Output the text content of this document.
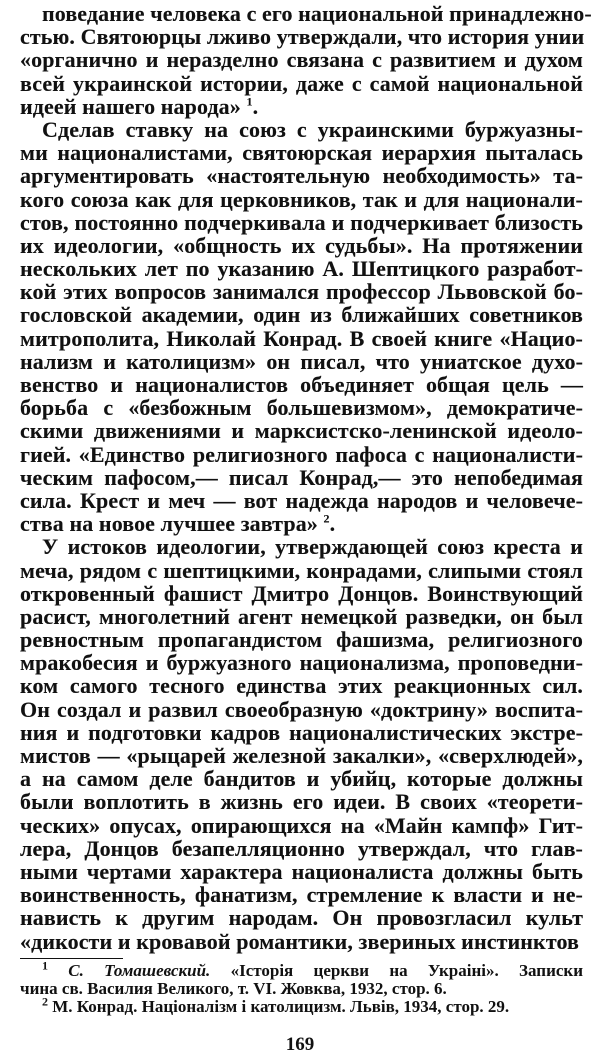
поведание человека с его национальной принадлежно-
стью. Святоюрцы лживо утверждали, что история унии
«органично и неразделно связана с развитием и духом
всей украинской истории, даже с самой национальной
идеей нашего народа» $^1$.
Сделав ставку на союз с украинскими буржуазны-
ми националистами, святоюрская иерархия пыталась
аргументировать «настоятельную необходимость» та-
кого союза как для церковников, так и для национали-
стов, постоянно подчеркивала и подчеркивает близость
их идеологии, «общность их судьбы». На протяжении
нескольких лет по указанию А. Шептицкого разработ-
кой этих вопросов занимался профессор Львовской бо-
гословской академии, один из ближайших советников
митрополита, Николай Конрад. В своей книге «Нацио-
нализм и католицизм» он писал, что униатское духо-
венство и националистов объединяет общая цель —
борьба с «безбожным большевизмом», демократиче-
скими движениями и марксистско-ленинской идеоло-
гией. «Единство религиозного пафоса с националисти-
ческим пафосом,— писал Конрад,— это непобедимая
сила. Крест и меч — вот надежда народов и человече-
ства на новое лучшее завтра» $^2$.
У истоков идеологии, утверждающей союз креста и
меча, рядом с шептицкими, конрадами, слипыми стоял
откровенный фашист Дмитро Донцов. Воинствующий
расист, многолетний агент немецкой разведки, он был
ревностным пропагандистом фашизма, религиозного
мракобесия и буржуазного национализма, проповедни-
ком самого тесного единства этих реакционных сил.
Он создал и развил своеобразную «доктрину» воспита-
ния и подготовки кадров националистических экстре-
мистов — «рыцарей железной закалки», «сверхлюдей»,
а на самом деле бандитов и убийц, которые должны
были воплотить в жизнь его идеи. В своих «теорети-
ческих» опусах, опирающихся на «Майн кампф» Гит-
лера, Донцов безапелляционно утверждал, что глав-
ными чертами характера националиста должны быть
воинственность, фанатизм, стремление к власти и не-
нависть к другим народам. Он провозгласил культ
«дикости и кровавой романтики, звериных инстинктов
$^1$ С. Томашевский. «Історія церкви на Украіні». Записки
чина св. Василия Великого, т. VI. Жовква, 1932, стор. 6.
$^2$ М. Конрад. Націоналізм і католицизм. Львів, 1934, стор. 29.
169
